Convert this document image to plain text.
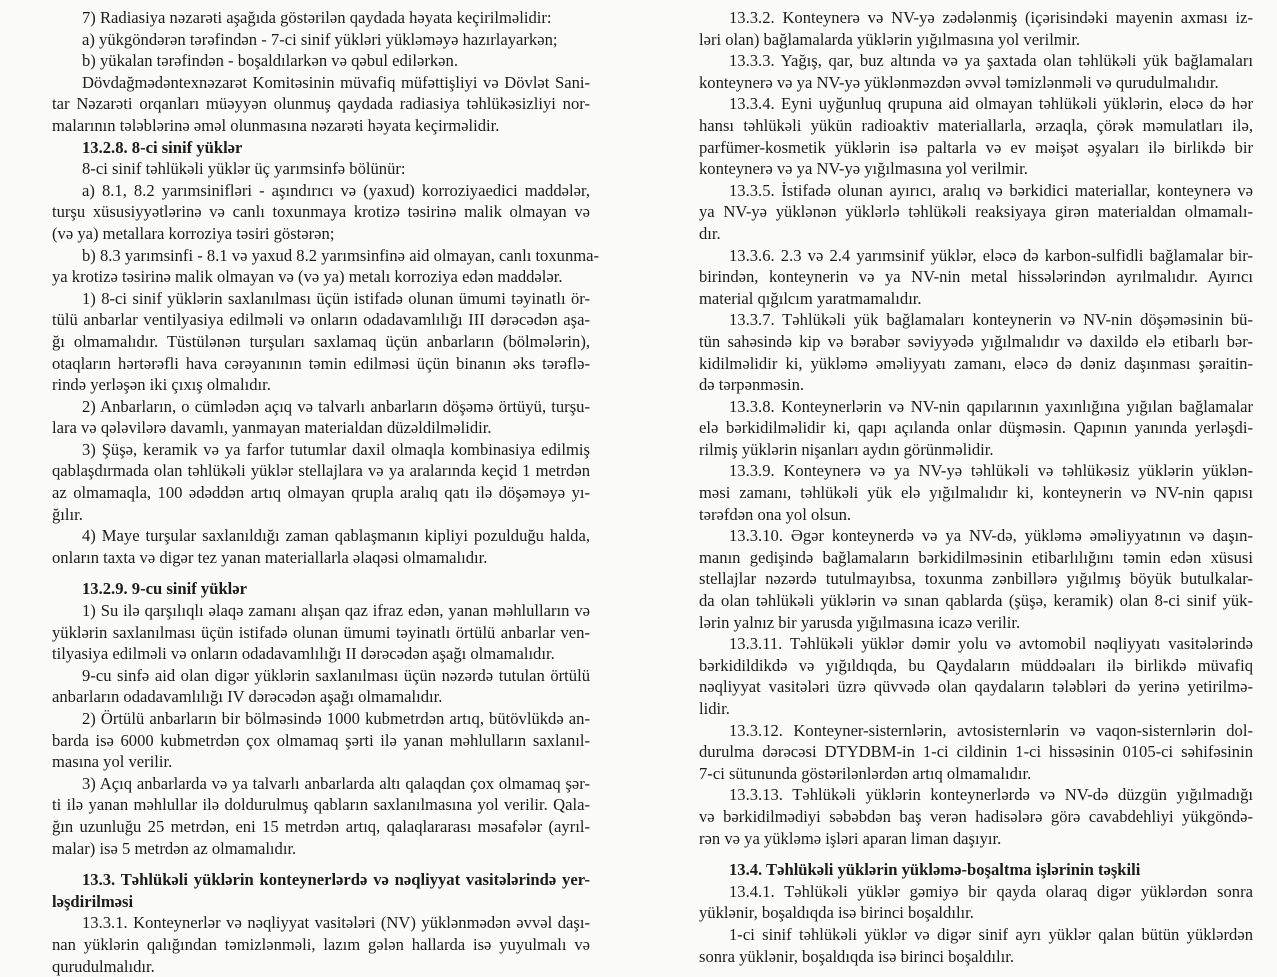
7) Radiasiya nəzarəti aşağıda göstərilən qaydada həyata keçirilməlidir:
a) yükgöndərən tərəfindən - 7-ci sinif yükləri yükləməyə hazırlayarkən;
b) yükalan tərəfindən - boşaldılarkən və qəbul edilərkən.
Dövdağmədəntexnəzarət Komitəsinin müvafiq müfəttişliyi və Dövlət Sani-
tar Nəzarəti orqanları müəyyən olunmuş qaydada radiasiya təhlükəsizliyi nor-
malarının tələblərinə əməl olunmasına nəzarəti həyata keçirməlidir.
13.2.8. 8-ci sinif yüklər
8-ci sinif təhlükəli yüklər üç yarımsinfə bölünür:
a) 8.1, 8.2 yarımsinifləri - aşındırıcı və (yaxud) korroziyaedici maddələr,
turşu xüsusiyyətlərinə və canlı toxunmaya krotizə təsirinə malik olmayan və
(və ya) metallara korroziya təsiri göstərən;
b) 8.3 yarımsinfi - 8.1 və yaxud 8.2 yarımsinfinə aid olmayan, canlı toxunma-
ya krotizə təsirinə malik olmayan və (və ya) metalı korroziya edən maddələr.
1) 8-ci sinif yüklərin saxlanılması üçün istifadə olunan ümumi təyinatlı ör-
tülü anbarlar ventilyasiya edilməli və onların odadavamlılığı III dərəcədən aşa-
ğı olmamalıdır. Tüstülənən turşuları saxlamaq üçün anbarların (bölmələrin),
otaqların hərtərəfli hava cərəyanının təmin edilməsi üçün binanın əks tərəflə-
rində yerləşən iki çıxış olmalıdır.
2) Anbarların, o cümlədən açıq və talvarlı anbarların döşəmə örtüyü, turşu-
lara və qələvilərə davamlı, yanmayan materialdan düzəldilməlidir.
3) Şüşə, keramik və ya farfor tutumlar daxil olmaqla kombinasiya edilmiş
qablaşdırmada olan təhlükəli yüklər stellajlara və ya aralarında keçid 1 metrdən
az olmamaqla, 100 ədəddən artıq olmayan qrupla aralıq qatı ilə döşəməyə yı-
ğılır.
4) Maye turşular saxlanıldığı zaman qablaşmanın kipliyi pozulduğu halda,
onların taxta və digər tez yanan materiallarla əlaqəsi olmamalıdır.
13.2.9. 9-cu sinif yüklər
1) Su ilə qarşılıqlı əlaqə zamanı alışan qaz ifraz edən, yanan məhlulların və
yüklərin saxlanılması üçün istifadə olunan ümumi təyinatlı örtülü anbarlar ven-
tilyasiya edilməli və onların odadavamlılığı II dərəcədən aşağı olmamalıdır.
9-cu sinfə aid olan digər yüklərin saxlanılması üçün nəzərdə tutulan örtülü
anbarların odadavamlılığı IV dərəcədən aşağı olmamalıdır.
2) Örtülü anbarların bir bölməsində 1000 kubmetrdən artıq, bütövlükdə an-
barda isə 6000 kubmetrdən çox olmamaq şərti ilə yanan məhlulların saxlanıl-
masına yol verilir.
3) Açıq anbarlarda və ya talvarlı anbarlarda altı qalaqdan çox olmamaq şər-
ti ilə yanan məhlullar ilə doldurulmuş qabların saxlanılmasına yol verilir. Qala-
ğın uzunluğu 25 metrdən, eni 15 metrdən artıq, qalaqlararası məsafələr (ayrıl-
malar) isə 5 metrdən az olmamalıdır.
13.3. Təhlükəli yüklərin konteynerlərdə və nəqliyyat vasitələrində yer-
ləşdirilməsi
13.3.1. Konteynerlər və nəqliyyat vasitələri (NV) yüklənmədən əvvəl daşı-
nan yüklərin qalığından təmizlənməli, lazım gələn hallarda isə yuyulmalı və
qurudulmalıdır.
13.3.2. Konteynerə və NV-yə zədələnmiş (içərisindəki mayenin axması iz-
ləri olan) bağlamalarda yüklərin yığılmasına yol verilmir.
13.3.3. Yağış, qar, buz altında və ya şaxtada olan təhlükəli yük bağlamaları
konteynerə və ya NV-yə yüklənməzdən əvvəl təmizlənməli və qurudulmalıdır.
13.3.4. Eyni uyğunluq qrupuna aid olmayan təhlükəli yüklərin, eləcə də hər
hansı təhlükəli yükün radioaktiv materiallarla, ərzaqla, çörək məmulatları ilə,
parfümer-kosmetik yüklərin isə paltarla və ev məişət əşyaları ilə birlikdə bir
konteynerə və ya NV-yə yığılmasına yol verilmir.
13.3.5. İstifadə olunan ayırıcı, aralıq və bərkidici materiallar, konteynerə və
ya NV-yə yüklənən yüklərlə təhlükəli reaksiyaya girən materialdan olmamalı-
dır.
13.3.6. 2.3 və 2.4 yarımsinif yüklər, eləcə də karbon-sulfidli bağlamalar bir-
birindən, konteynerin və ya NV-nin metal hissələrindən ayrılmalıdır. Ayırıcı
material qığılcım yaratmamalıdır.
13.3.7. Təhlükəli yük bağlamaları konteynerin və NV-nin döşəməsinin bü-
tün sahəsində kip və bərabər səviyyədə yığılmalıdır və daxildə elə etibarlı bər-
kidilməlidir ki, yükləmə əməliyyatı zamanı, eləcə də dəniz daşınması şəraitin-
də tərpənməsin.
13.3.8. Konteynerlərin və NV-nin qapılarının yaxınlığına yığılan bağlamalar
elə bərkidilməlidir ki, qapı açılanda onlar düşməsin. Qapının yanında yerləşdi-
rilmiş yüklərin nişanları aydın görünməlidir.
13.3.9. Konteynerə və ya NV-yə təhlükəli və təhlükəsiz yüklərin yüklən-
məsi zamanı, təhlükəli yük elə yığılmalıdır ki, konteynerin və NV-nin qapısı
tərəfdən ona yol olsun.
13.3.10. Əgər konteynerdə və ya NV-də, yükləmə əməliyyatının və daşın-
manın gedişində bağlamaların bərkidilməsinin etibarlılığını təmin edən xüsusi
stellajlar nəzərdə tutulmayıbsa, toxunma zənbillərə yığılmış böyük butulkalar-
da olan təhlükəli yüklərin və sınan qablarda (şüşə, keramik) olan 8-ci sinif yük-
lərin yalnız bir yarusda yığılmasına icazə verilir.
13.3.11. Təhlükəli yüklər dəmir yolu və avtomobil nəqliyyatı vasitələrində
bərkidildikdə və yığıldıqda, bu Qaydaların müddəaları ilə birlikdə müvafiq
nəqliyyat vasitələri üzrə qüvvədə olan qaydaların tələbləri də yerinə yetirilmə-
lidir.
13.3.12. Konteyner-sisternlərin, avtosisternlərin və vaqon-sisternlərin dol-
durulma dərəcəsi DTYDBM-in 1-ci cildinin 1-ci hissəsinin 0105-ci səhifəsinin
7-ci sütununda göstərilənlərdən artıq olmamalıdır.
13.3.13. Təhlükəli yüklərin konteynerlərdə və NV-də düzgün yığılmadığı
və bərkidilmədiyi səbəbdən baş verən hadisələrə görə cavabdehliyi yükgöndə-
rən və ya yükləmə işləri aparan liman daşıyır.
13.4. Təhlükəli yüklərin yükləmə-boşaltma işlərinin təşkili
13.4.1. Təhlükəli yüklər gəmiyə bir qayda olaraq digər yüklərdən sonra
yüklənir, boşaldıqda isə birinci boşaldılır.
1-ci sinif təhlükəli yüklər və digər sinif ayrı yüklər qalan bütün yüklərdən
sonra yüklənir, boşaldıqda isə birinci boşaldılır.
